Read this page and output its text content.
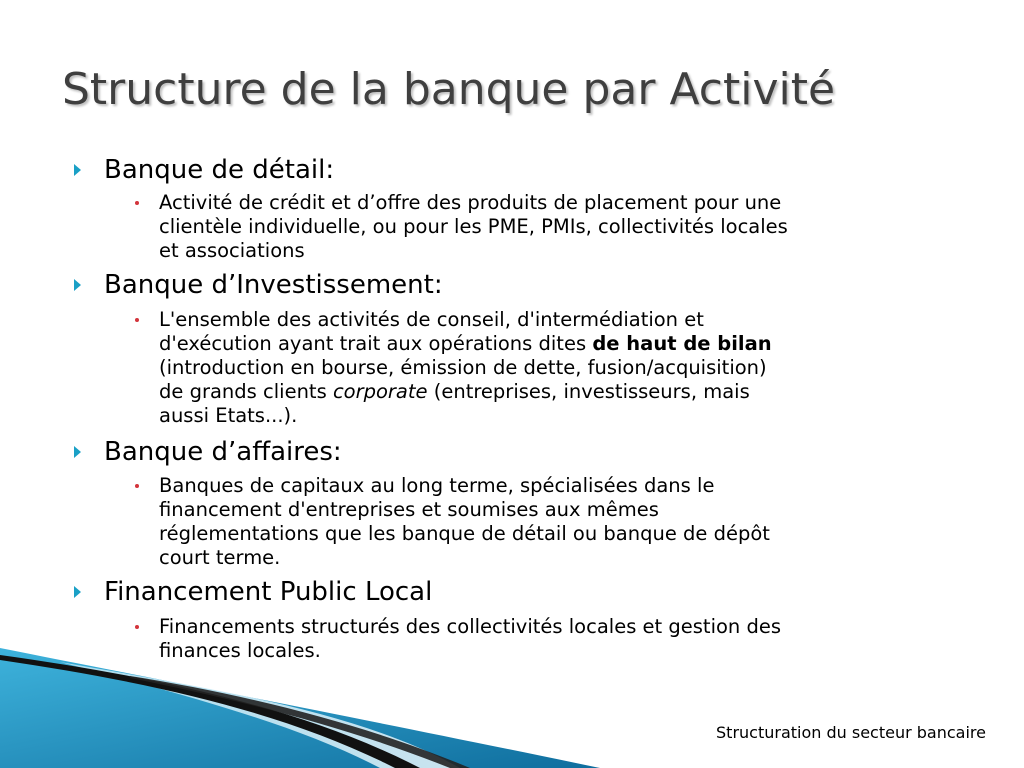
Structure de la banque par Activité
Banque de détail:
Activité de crédit et d’offre des produits de placement pour une
clientèle individuelle, ou pour les PME, PMIs, collectivités locales
et associations
Banque d’Investissement:
L'ensemble des activités de conseil, d'intermédiation et
d'exécution ayant trait aux opérations dites de haut de bilan
(introduction en bourse, émission de dette, fusion/acquisition)
de grands clients corporate (entreprises, investisseurs, mais
aussi Etats...).
Banque d’affaires:
Banques de capitaux au long terme, spécialisées dans le
financement d'entreprises et soumises aux mêmes
réglementations que les banque de détail ou banque de dépôt
court terme.
Financement Public Local
Financements structurés des collectivités locales et gestion des
finances locales.
Structuration du secteur bancaire
